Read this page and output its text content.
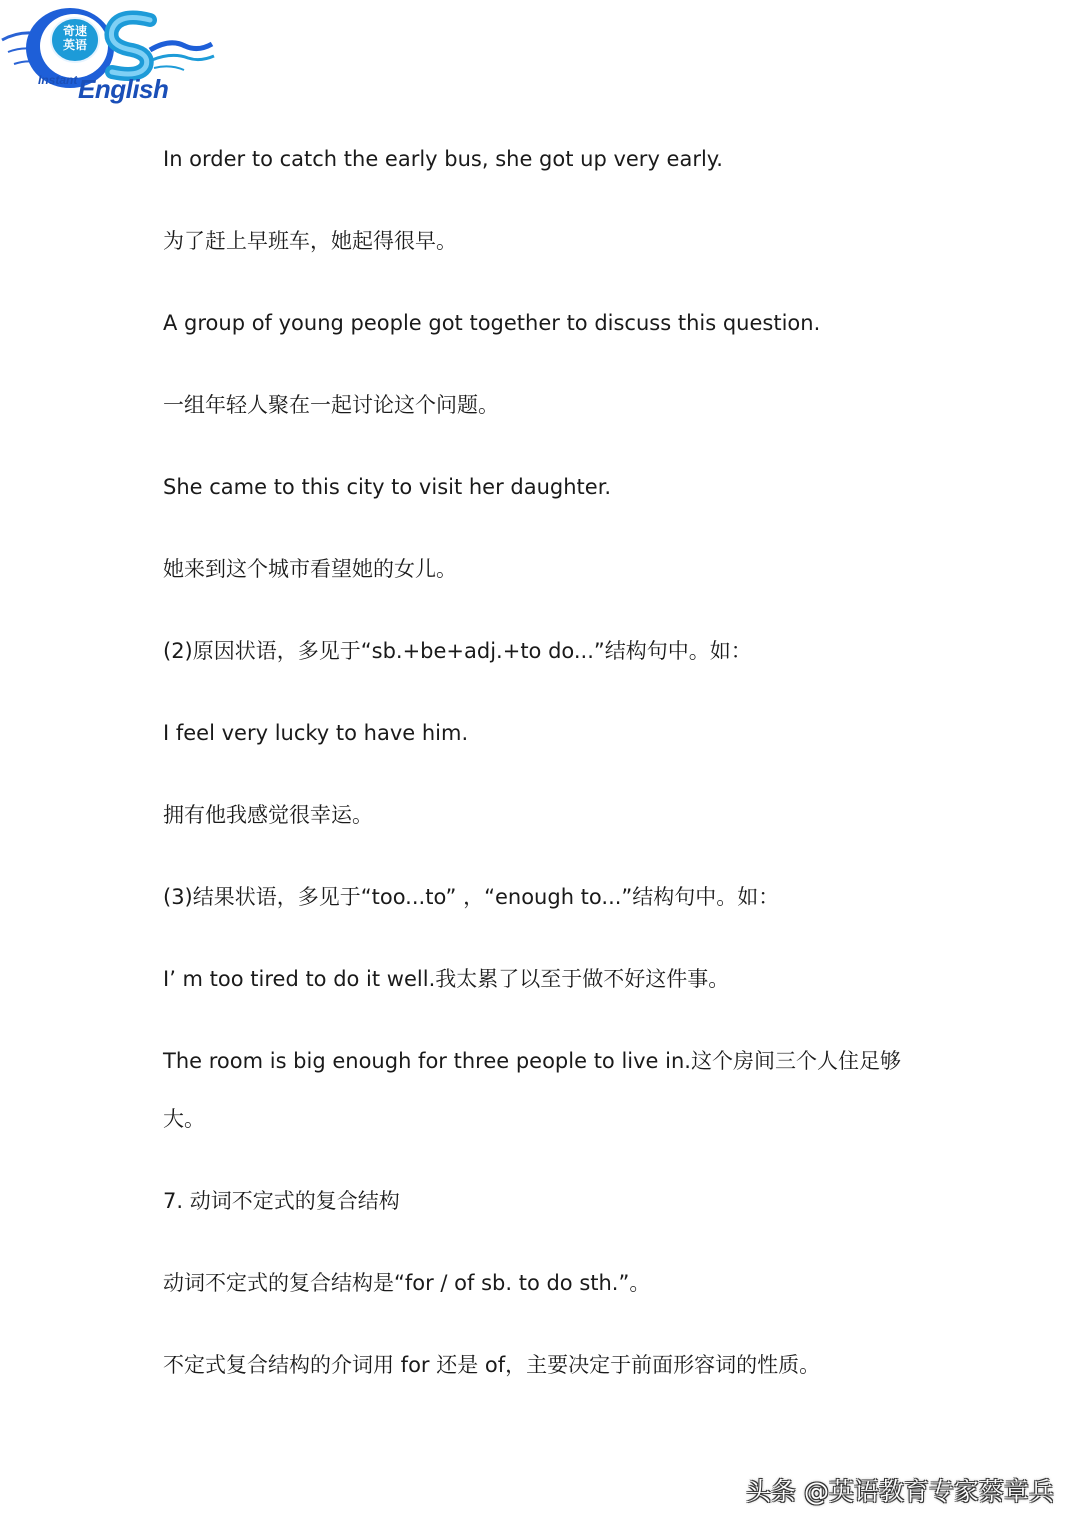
奇速英语
Instant English
In order to catch the early bus, she got up very early.
为了赶上早班车，她起得很早。
A group of young people got together to discuss this question.
一组年轻人聚在一起讨论这个问题。
She came to this city to visit her daughter.
她来到这个城市看望她的女儿。
(2)原因状语，多见于“sb.+be+adj.+to do...”结构句中。如：
I feel very lucky to have him.
拥有他我感觉很幸运。
(3)结果状语，多见于“too...to” ，“enough to...”结构句中。如：
I’ m too tired to do it well.我太累了以至于做不好这件事。
The room is big enough for three people to live in.这个房间三个人住足够
大。
7. 动词不定式的复合结构
动词不定式的复合结构是“for / of sb. to do sth.”。
不定式复合结构的介词用 for 还是 of，主要决定于前面形容词的性质。
头条 @英语教育专家蔡章兵
